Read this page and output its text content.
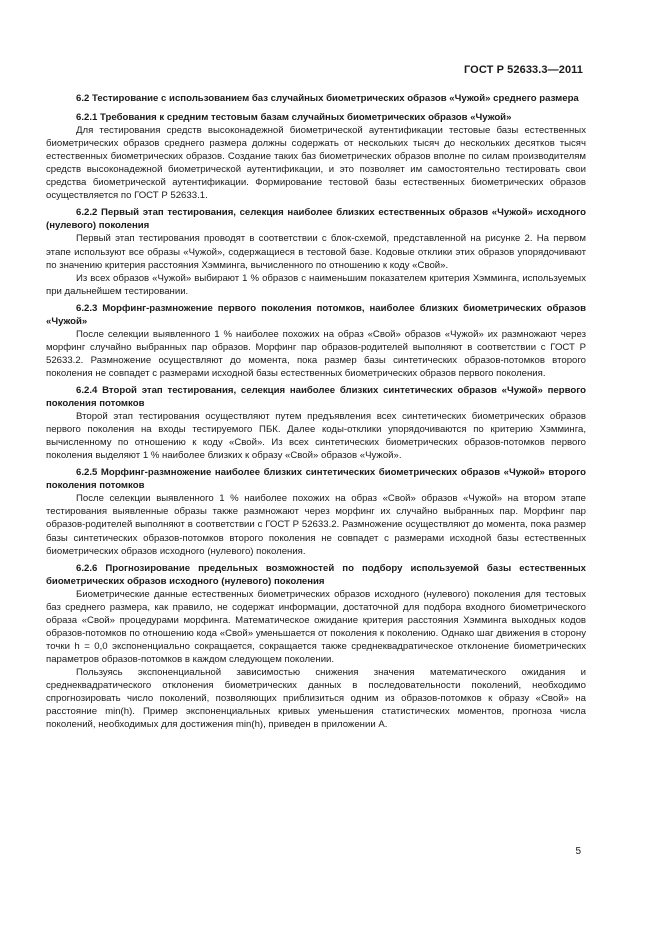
ГОСТ Р 52633.3—2011
6.2 Тестирование с использованием баз случайных биометрических образов «Чужой» среднего размера
6.2.1 Требования к средним тестовым базам случайных биометрических образов «Чужой»

Для тестирования средств высоконадежной биометрической аутентификации тестовые базы естественных биометрических образов среднего размера должны содержать от нескольких тысяч до нескольких десятков тысяч естественных биометрических образов. Создание таких баз биометрических образов вполне по силам производителям средств высоконадежной биометрической аутентификации, и это позволяет им самостоятельно тестировать свои средства биометрической аутентификации. Формирование тестовой базы естественных биометрических образов осуществляется по ГОСТ Р 52633.1.

6.2.2 Первый этап тестирования, селекция наиболее близких естественных образов «Чужой» исходного (нулевого) поколения

Первый этап тестирования проводят в соответствии с блок-схемой, представленной на рисунке 2. На первом этапе используют все образы «Чужой», содержащиеся в тестовой базе. Кодовые отклики этих образов упорядочивают по значению критерия расстояния Хэмминга, вычисленного по отношению к коду «Свой».

Из всех образов «Чужой» выбирают 1 % образов с наименьшим показателем критерия Хэмминга, используемых при дальнейшем тестировании.

6.2.3 Морфинг-размножение первого поколения потомков, наиболее близких биометрических образов «Чужой»

После селекции выявленного 1 % наиболее похожих на образ «Свой» образов «Чужой» их размножают через морфинг случайно выбранных пар образов. Морфинг пар образов-родителей выполняют в соответствии с ГОСТ Р 52633.2. Размножение осуществляют до момента, пока размер базы синтетических образов-потомков второго поколения не совпадет с размерами исходной базы естественных биометрических образов первого поколения.

6.2.4 Второй этап тестирования, селекция наиболее близких синтетических образов «Чужой» первого поколения потомков

Второй этап тестирования осуществляют путем предъявления всех синтетических биометрических образов первого поколения на входы тестируемого ПБК. Далее коды-отклики упорядочиваются по критерию Хэмминга, вычисленному по отношению к коду «Свой». Из всех синтетических биометрических образов-потомков первого поколения выделяют 1 % наиболее близких к образу «Свой» образов «Чужой».

6.2.5 Морфинг-размножение наиболее близких синтетических биометрических образов «Чужой» второго поколения потомков

После селекции выявленного 1 % наиболее похожих на образ «Свой» образов «Чужой» на втором этапе тестирования выявленные образы также размножают через морфинг их случайно выбранных пар. Морфинг пар образов-родителей выполняют в соответствии с ГОСТ Р 52633.2. Размножение осуществляют до момента, пока размер базы синтетических образов-потомков второго поколения не совпадет с размерами исходной базы естественных биометрических образов исходного (нулевого) поколения.

6.2.6 Прогнозирование предельных возможностей по подбору используемой базы естественных биометрических образов исходного (нулевого) поколения

Биометрические данные естественных биометрических образов исходного (нулевого) поколения для тестовых баз среднего размера, как правило, не содержат информации, достаточной для подбора входного биометрического образа «Свой» процедурами морфинга. Математическое ожидание критерия расстояния Хэмминга выходных кодов образов-потомков по отношению кода «Свой» уменьшается от поколения к поколению. Однако шаг движения в сторону точки h = 0,0 экспоненциально сокращается, сокращается также среднеквадратическое отклонение биометрических параметров образов-потомков в каждом следующем поколении.

Пользуясь экспоненциальной зависимостью снижения значения математического ожидания и среднеквадратического отклонения биометрических данных в последовательности поколений, необходимо спрогнозировать число поколений, позволяющих приблизиться одним из образов-потомков к образу «Свой» на расстояние min(h). Пример экспоненциальных кривых уменьшения статистических моментов, прогноза числа поколений, необходимых для достижения min(h), приведен в приложении А.

5
